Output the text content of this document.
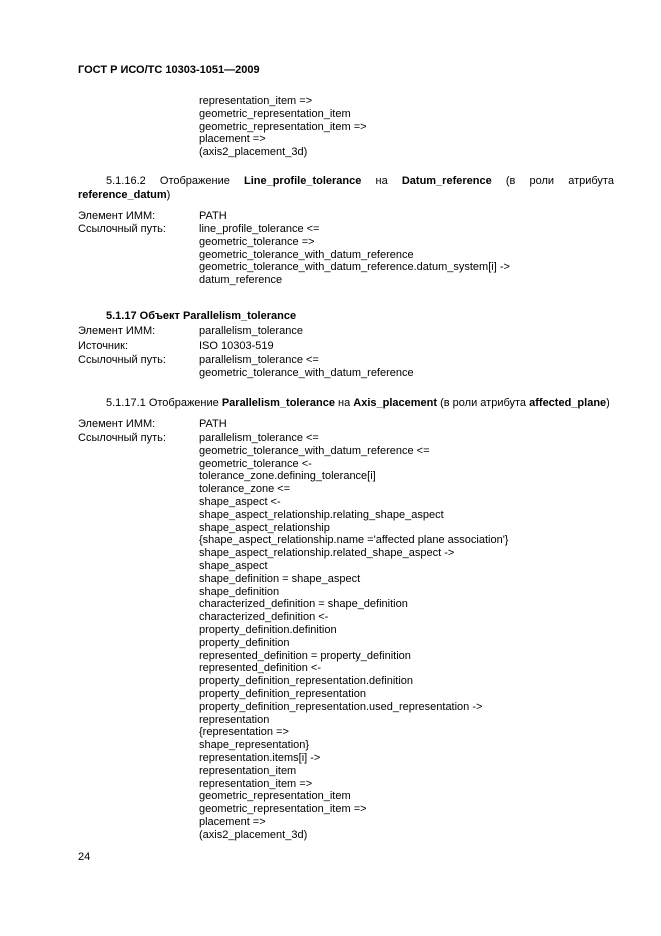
ГОСТ Р ИСО/ТС 10303-1051—2009
representation_item =>
geometric_representation_item
geometric_representation_item =>
placement =>
(axis2_placement_3d)
5.1.16.2 Отображение Line_profile_tolerance на Datum_reference (в роли атрибута reference_datum)
Элемент ИММ:	PATH
Ссылочный путь:	line_profile_tolerance <=
geometric_tolerance =>
geometric_tolerance_with_datum_reference
geometric_tolerance_with_datum_reference.datum_system[i] ->
datum_reference
5.1.17 Объект Parallelism_tolerance
Элемент ИММ:	parallelism_tolerance
Источник:	ISO 10303-519
Ссылочный путь:	parallelism_tolerance <=
geometric_tolerance_with_datum_reference
5.1.17.1 Отображение Parallelism_tolerance на Axis_placement (в роли атрибута affected_plane)
Элемент ИММ:	PATH
Ссылочный путь:	parallelism_tolerance <=
geometric_tolerance_with_datum_reference <=
geometric_tolerance <-
tolerance_zone.defining_tolerance[i]
tolerance_zone <=
shape_aspect <-
shape_aspect_relationship.relating_shape_aspect
shape_aspect_relationship
{shape_aspect_relationship.name ='affected plane association'}
shape_aspect_relationship.related_shape_aspect ->
shape_aspect
shape_definition = shape_aspect
shape_definition
characterized_definition = shape_definition
characterized_definition <-
property_definition.definition
property_definition
represented_definition = property_definition
represented_definition <-
property_definition_representation.definition
property_definition_representation
property_definition_representation.used_representation ->
representation
{representation =>
shape_representation}
representation.items[i] ->
representation_item
representation_item =>
geometric_representation_item
geometric_representation_item =>
placement =>
(axis2_placement_3d)
24
